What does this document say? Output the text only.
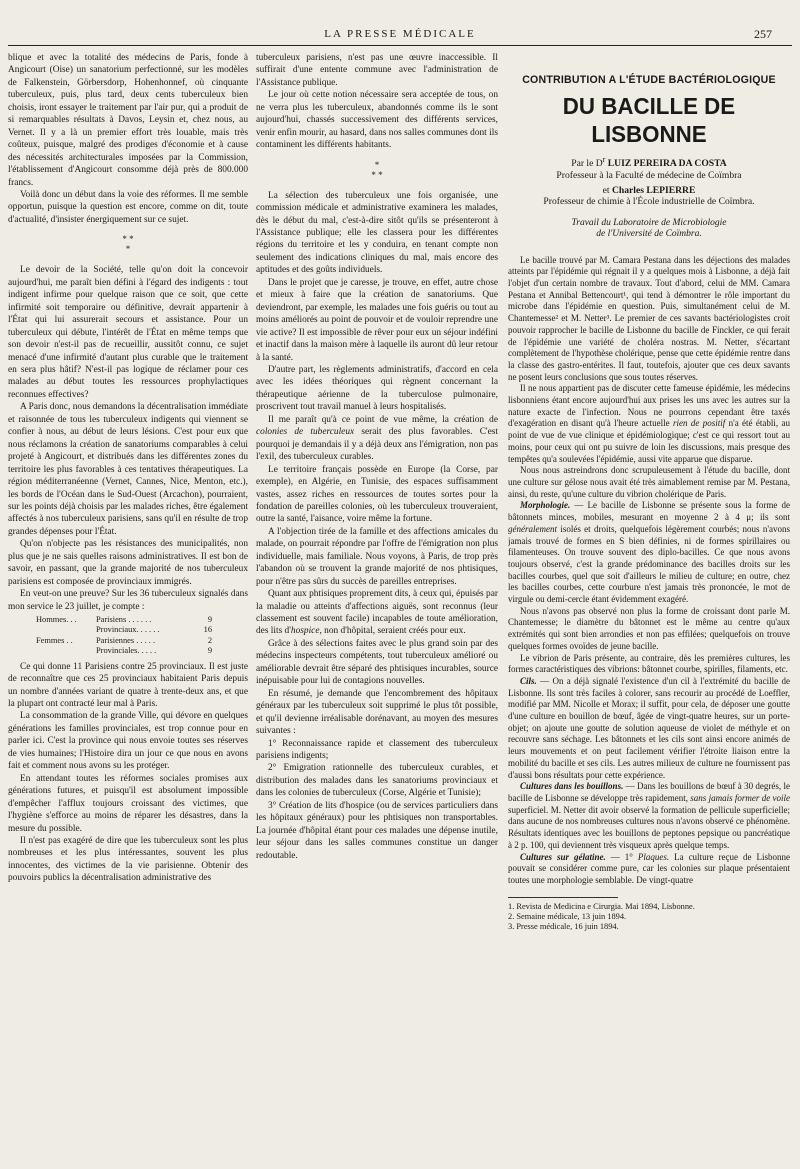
LA PRESSE MÉDICALE	257

blique et avec la totalité des médecins de Paris, fonde à Angicourt (Oise) un sanatorium perfectionné, sur les modèles de Falkenstein, Görbersdorp, Hohenhonnef, où cinquante tuberculeux, puis, plus tard, deux cents tuberculeux bien choisis, iront essayer le traitement par l'air pur, qui a produit de si remarquables résultats à Davos, Leysin et, chez nous, au Vernet. Il y a là un premier effort très louable, mais très coûteux, puisque, malgré des prodiges d'économie et à cause des nécessités architecturales imposées par la Commission, l'établissement d'Angicourt consomme déjà près de 800.000 francs.

Voilà donc un début dans la voie des réformes. Il me semble opportun, puisque la question est encore, comme on dit, toute d'actualité, d'insister énergiquement sur ce sujet.

* *
*

Le devoir de la Société, telle qu'on doit la concevoir aujourd'hui, me paraît bien défini à l'égard des indigents : tout indigent infirme pour quelque raison que ce soit, que cette infirmité soit temporaire ou définitive, devrait appartenir à l'État qui lui assurerait secours et assistance. Pour un tuberculeux qui débute, l'intérêt de l'État en même temps que son devoir n'est-il pas de recueillir, aussitôt connu, ce sujet menacé d'une infirmité d'autant plus curable que le traitement en sera plus hâtif? N'est-il pas logique de réclamer pour ces malades au début toutes les ressources prophylactiques reconnues effectives?

A Paris donc, nous demandons la décentralisation immédiate et raisonnée de tous les tuberculeux indigents qui viennent se confier à nous, au début de leurs lésions. C'est pour eux que nous réclamons la création de sanatoriums comparables à celui projeté à Angicourt, et distribués dans les différentes zones du territoire les plus favorables à ces tentatives thérapeutiques. La région méditerranéenne (Vernet, Cannes, Nice, Menton, etc.), les bords de l'Océan dans le Sud-Ouest (Arcachon), pourraient, sur les points déjà choisis par les malades riches, être également affectés à nos tuberculeux parisiens, sans qu'il en résulte de trop grandes dépenses pour l'État.

Qu'on n'objecte pas les résistances des municipalités, non plus que je ne sais quelles raisons administratives. Il est bon de savoir, en passant, que la grande majorité de nos tuberculeux parisiens est composée de provinciaux immigrés.

En veut-on une preuve? Sur les 36 tuberculeux signalés dans mon service le 23 juillet, je compte :

Hommes. . .	Parisiens . . . . . .	9
Provinciaux. . . . . .	16
Femmes . .	Parisiennes . . . . .	2
Provinciales. . . . .	9

Ce qui donne 11 Parisiens contre 25 provinciaux. Il est juste de reconnaître que ces 25 provinciaux habitaient Paris depuis un nombre d'années variant de quatre à trente-deux ans, et que la plupart ont contracté leur mal à Paris.

La consommation de la grande Ville, qui dévore en quelques générations les familles provinciales, est trop connue pour en parler ici. C'est la province qui nous envoie toutes ses réserves de vies humaines; l'Histoire dira un jour ce que nous en avons fait et comment nous avons su les protéger.

En attendant toutes les réformes sociales promises aux générations futures, et puisqu'il est absolument impossible d'empêcher l'afflux toujours croissant des victimes, que l'hygiène s'efforce au moins de réparer les désastres, dans la mesure du possible.

Il n'est pas exagéré de dire que les tuberculeux sont les plus nombreuses et les plus intéressantes, souvent les plus innocentes, des victimes de la vie parisienne. Obtenir des pouvoirs publics la décentralisation administrative des

tuberculeux parisiens, n'est pas une œuvre inaccessible. Il suffirait d'une entente commune avec l'administration de l'Assistance publique.

Le jour où cette notion nécessaire sera acceptée de tous, on ne verra plus les tuberculeux, abandonnés comme ils le sont aujourd'hui, chassés successivement des différents services, venir enfin mourir, au hasard, dans nos salles communes dont ils contaminent les différents habitants.

*
* *

La sélection des tuberculeux une fois organisée, une commission médicale et administrative examinera les malades, dès le début du mal, c'est-à-dire sitôt qu'ils se présenteront à l'Assistance publique; elle les classera pour les différentes régions du territoire et les y conduira, en tenant compte non seulement des indications cliniques du mal, mais encore des aptitudes et des goûts individuels.

Dans le projet que je caresse, je trouve, en effet, autre chose et mieux à faire que la création de sanatoriums. Que deviendront, par exemple, les malades une fois guéris ou tout au moins améliorés au point de pouvoir et de vouloir reprendre une vie active? Il est impossible de rêver pour eux un séjour indéfini et inactif dans la maison mère à laquelle ils auront dû leur retour à la santé.

D'autre part, les règlements administratifs, d'accord en cela avec les idées théoriques qui règnent concernant la thérapeutique aérienne de la tuberculose pulmonaire, proscrivent tout travail manuel à leurs hospitalisés.

Il me paraît qu'à ce point de vue même, la création de colonies de tuberculeux serait des plus favorables. C'est pourquoi je demandais il y a déjà deux ans l'émigration, non pas l'exil, des tuberculeux curables.

Le territoire français possède en Europe (la Corse, par exemple), en Algérie, en Tunisie, des espaces suffisamment vastes, assez riches en ressources de toutes sortes pour la fondation de pareilles colonies, où les tuberculeux trouveraient, outre la santé, l'aisance, voire même la fortune.

A l'objection tirée de la famille et des affections amicales du malade, on pourrait répondre par l'offre de l'émigration non plus individuelle, mais familiale. Nous voyons, à Paris, de trop près l'abandon où se trouvent la grande majorité de nos phtisiques, pour n'être pas sûrs du succès de pareilles entreprises.

Quant aux phtisiques proprement dits, à ceux qui, épuisés par la maladie ou atteints d'affections aiguës, sont reconnus (leur classement est souvent facile) incapables de toute amélioration, des lits d'hospice, non d'hôpital, seraient créés pour eux.

Grâce à des sélections faites avec le plus grand soin par des médecins inspecteurs compétents, tout tuberculeux amélioré ou améliorable devrait être séparé des phtisiques incurables, source inépuisable pour lui de contagions nouvelles.

En résumé, je demande que l'encombrement des hôpitaux généraux par les tuberculeux soit supprimé le plus tôt possible, et qu'il devienne irréalisable dorénavant, au moyen des mesures suivantes :

1° Reconnaissance rapide et classement des tuberculeux parisiens indigents;

2° Emigration rationnelle des tuberculeux curables, et distribution des malades dans les sanatoriums provinciaux et dans les colonies de tuberculeux (Corse, Algérie et Tunisie);

3° Création de lits d'hospice (ou de services particuliers dans les hôpitaux généraux) pour les phtisiques non transportables. La journée d'hôpital étant pour ces malades une dépense inutile, leur séjour dans les salles communes constitue un danger redoutable.

CONTRIBUTION A L'ÉTUDE BACTÉRIOLOGIQUE
DU BACILLE DE LISBONNE
Par le $D^r$ LUIZ PEREIRA DA COSTA
Professeur à la Faculté de médecine de Coïmbra
et Charles LEPIERRE
Professeur de chimie à l'École industrielle de Coïmbra.
Travail du Laboratoire de Microbiologie
de l'Université de Coïmbra.

Le bacille trouvé par M. Camara Pestana dans les déjections des malades atteints par l'épidémie qui régnait il y a quelques mois à Lisbonne, a déjà fait l'objet d'un certain nombre de travaux. Tout d'abord, celui de MM. Camara Pestana et Annibal Bettencourt¹, qui tend à démontrer le rôle important du microbe dans l'épidémie en question. Puis, simultanément celui de M. Chantemesse² et M. Netter³. Le premier de ces savants bactériologistes croit pouvoir rapprocher le bacille de Lisbonne du bacille de Finckler, ce qui ferait de l'épidémie une variété de choléra nostras. M. Netter, s'écartant complètement de l'hypothèse cholérique, pense que cette épidémie rentre dans la classe des gastro-entérites. Il faut, toutefois, ajouter que ces deux savants ne posent leurs conclusions que sous toutes réserves.

Il ne nous appartient pas de discuter cette fameuse épidémie, les médecins lisbonniens étant encore aujourd'hui aux prises les uns avec les autres sur la nature exacte de l'infection. Nous ne pourrons cependant être taxés d'exagération en disant qu'à l'heure actuelle rien de positif n'a été établi, au point de vue de vue clinique et épidémiologique; c'est ce qui ressort tout au moins, pour ceux qui ont pu suivre de loin les discussions, mais presque des tempêtes qu'a soulevées l'épidémie, aussi vite apparue que disparue.

Nous nous astreindrons donc scrupuleusement à l'étude du bacille, dont une culture sur gélose nous avait été très aimablement remise par M. Pestana, ainsi, du reste, qu'une culture du vibrion cholérique de Paris.

Morphologie. — Le bacille de Lisbonne se présente sous la forme de bâtonnets minces, mobiles, mesurant en moyenne 2 à 4 μ; ils sont généralement isolés et droits, quelquefois légèrement courbés; nous n'avons jamais trouvé de formes en S bien définies, ni de formes spirillaires ou filamenteuses. On trouve souvent des diplo-bacilles. Ce que nous avons toujours observé, c'est la grande prédominance des bacilles droits sur les bacilles courbes, quel que soit d'ailleurs le milieu de culture; en outre, chez les bacilles courbes, cette courbure n'est jamais très prononcée, le mot de virgule ou demi-cercle étant évidemment exagéré.

Nous n'avons pas observé non plus la forme de croissant dont parle M. Chantemesse; le diamètre du bâtonnet est le même au centre qu'aux extrémités qui sont bien arrondies et non pas effilées; quelquefois on trouve quelques formes ovoïdes de jeune bacille.

Le vibrion de Paris présente, au contraire, dès les premières cultures, les formes caractéristiques des vibrions: bâtonnet courbe, spirilles, filaments, etc.

Cils. — On a déjà signalé l'existence d'un cil à l'extrémité du bacille de Lisbonne. Ils sont très faciles à colorer, sans recourir au procédé de Loeffler, modifié par MM. Nicolle et Morax; il suffit, pour cela, de déposer une goutte d'une culture en bouillon de bœuf, âgée de vingt-quatre heures, sur un porte-objet; on ajoute une goutte de solution aqueuse de violet de méthyle et on recouvre sans séchage. Les bâtonnets et les cils sont ainsi encore animés de leurs mouvements et on peut facilement vérifier l'étroite liaison entre la mobilité du bacille et ses cils. Les autres milieux de culture ne fournissent pas d'aussi bons résultats pour cette expérience.

Cultures dans les bouillons. — Dans les bouillons de bœuf à 30 degrés, le bacille de Lisbonne se développe très rapidement, sans jamais former de voile superficiel. M. Netter dit avoir observé la formation de pellicule superficielle; dans aucune de nos nombreuses cultures nous n'avons observé ce phénomène. Résultats identiques avec les bouillons de peptones pepsique ou pancréatique à 2 p. 100, qui deviennent très visqueux après quelque temps.

Cultures sur gélatine. — 1° Plaques. La culture reçue de Lisbonne pouvait se considérer comme pure, car les colonies sur plaque présentaient toutes une morphologie semblable. De vingt-quatre

1. Revista de Medicina e Cirurgia. Mai 1894, Lisbonne.

2. Semaine médicale, 13 juin 1894.

3. Presse médicale, 16 juin 1894.
